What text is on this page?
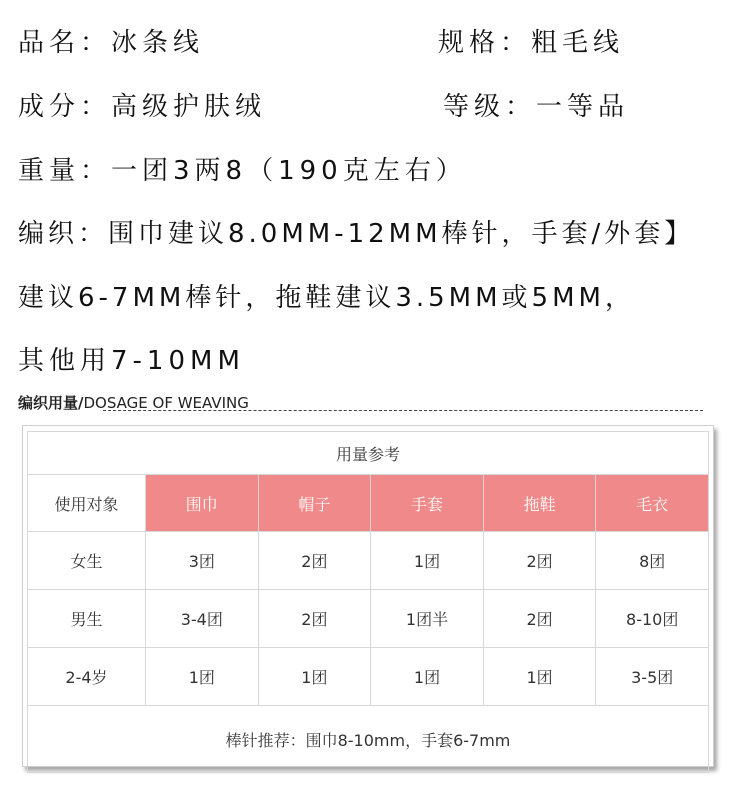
品名：冰条线	规格：粗毛线
成分：高级护肤绒	等级：一等品
重量：一团3两8（190克左右）
编织：围巾建议8.0MM-12MM棒针，手套/外套】
建议6-7MM棒针，拖鞋建议3.5MM或5MM，
其他用7-10MM
编织用量/DOSAGE OF WEAVING
用量参考					
使用对象	围巾	帽子	手套	拖鞋	毛衣
女生	3团	2团	1团	2团	8团
男生	3-4团	2团	1团半	2团	8-10团
2-4岁	1团	1团	1团	1团	3-5团
棒针推荐：围巾8-10mm，手套6-7mm					
